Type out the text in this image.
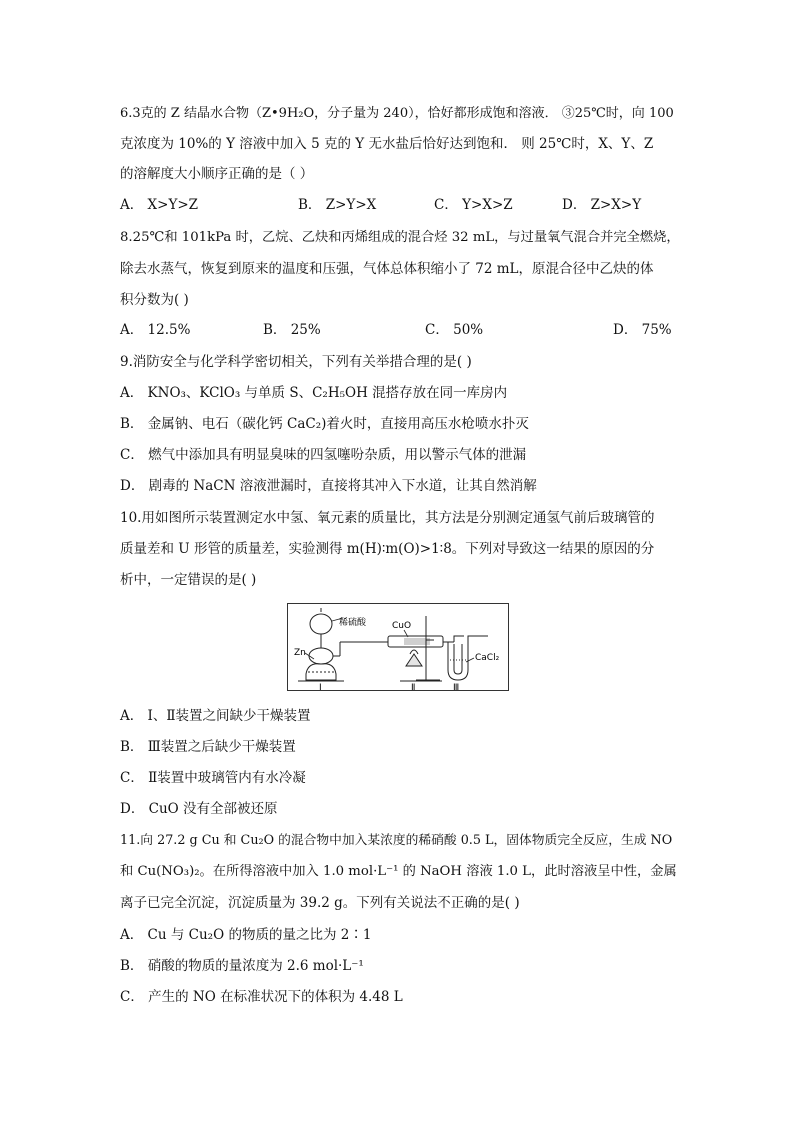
6.3克的 Z 结晶水合物（Z•9H₂O，分子量为 240），恰好都形成饱和溶液． ③25℃时，向 100
克浓度为 10%的 Y 溶液中加入 5 克的 Y 无水盐后恰好达到饱和． 则 25℃时，X、Y、Z
的溶解度大小顺序正确的是（ ）
A． X>Y>Z	B． Z>Y>X	C． Y>X>Z	D． Z>X>Y
8.25℃和 101kPa 时，乙烷、乙炔和丙烯组成的混合烃 32 mL，与过量氧气混合并完全燃烧，
除去水蒸气，恢复到原来的温度和压强，气体总体积缩小了 72 mL，原混合径中乙炔的体
积分数为( )
A． 12.5%	B． 25%	C． 50%	D． 75%
9.消防安全与化学科学密切相关，下列有关举措合理的是( )
A． KNO₃、KClO₃ 与单质 S、C₂H₅OH 混搭存放在同一库房内
B． 金属钠、电石（碳化钙 CaC₂)着火时，直接用高压水枪喷水扑灭
C． 燃气中添加具有明显臭味的四氢噻吩杂质，用以警示气体的泄漏
D． 剧毒的 NaCN 溶液泄漏时，直接将其冲入下水道，让其自然消解
10.用如图所示装置测定水中氢、氧元素的质量比，其方法是分别测定通氢气前后玻璃管的
质量差和 U 形管的质量差，实验测得 m(H)∶m(O)>1∶8。下列对导致这一结果的原因的分
析中，一定错误的是( )
稀硫酸
Zn
I
CuO
Ⅱ
CaCl₂
Ⅲ
A． Ⅰ、Ⅱ装置之间缺少干燥装置
B． Ⅲ装置之后缺少干燥装置
C． Ⅱ装置中玻璃管内有水冷凝
D． CuO 没有全部被还原
11.向 27.2 g Cu 和 Cu₂O 的混合物中加入某浓度的稀硝酸 0.5 L，固体物质完全反应，生成 NO
和 Cu(NO₃)₂。在所得溶液中加入 1.0 mol·L⁻¹ 的 NaOH 溶液 1.0 L，此时溶液呈中性，金属
离子已完全沉淀，沉淀质量为 39.2 g。下列有关说法不正确的是( )
A． Cu 与 Cu₂O 的物质的量之比为 2∶1
B． 硝酸的物质的量浓度为 2.6 mol·L⁻¹
C． 产生的 NO 在标准状况下的体积为 4.48 L
